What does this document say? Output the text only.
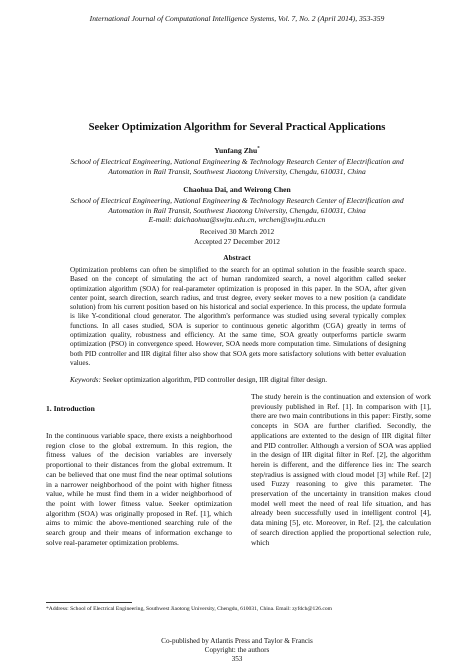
International Journal of Computational Intelligence Systems, Vol. 7, No. 2 (April 2014), 353-359
Seeker Optimization Algorithm for Several Practical Applications
Yunfang Zhu*
School of Electrical Engineering, National Engineering & Technology Research Center of Electrification and
Automation in Rail Transit, Southwest Jiaotong University, Chengdu, 610031, China
Chaohua Dai, and Weirong Chen
School of Electrical Engineering, National Engineering & Technology Research Center of Electrification and
Automation in Rail Transit, Southwest Jiaotong University, Chengdu, 610031, China
E-mail: daichaohua@swjtu.edu.cn, wrchen@swjtu.edu.cn
Received 30 March 2012
Accepted 27 December 2012
Abstract
Optimization problems can often be simplified to the search for an optimal solution in the feasible search space. Based on the concept of simulating the act of human randomized search, a novel algorithm called seeker optimization algorithm (SOA) for real-parameter optimization is proposed in this paper. In the SOA, after given center point, search direction, search radius, and trust degree, every seeker moves to a new position (a candidate solution) from his current position based on his historical and social experience. In this process, the update formula is like Y-conditional cloud generator. The algorithm's performance was studied using several typically complex functions. In all cases studied, SOA is superior to continuous genetic algorithm (CGA) greatly in terms of optimization quality, robustness and efficiency. At the same time, SOA greatly outperforms particle swarm optimization (PSO) in convergence speed. However, SOA needs more computation time. Simulations of designing both PID controller and IIR digital filter also show that SOA gets more satisfactory solutions with better evaluation values.
Keywords: Seeker optimization algorithm, PID controller design, IIR digital filter design.
1. Introduction
In the continuous variable space, there exists a neighborhood region close to the global extremum. In this region, the fitness values of the decision variables are inversely proportional to their distances from the global extremum. It can be believed that one must find the near optimal solutions in a narrower neighborhood of the point with higher fitness value, while he must find them in a wider neighborhood of the point with lower fitness value. Seeker optimization algorithm (SOA) was originally proposed in Ref. [1], which aims to mimic the above-mentioned searching rule of the search group and their means of information exchange to solve real-parameter optimization problems.
The study herein is the continuation and extension of work previously published in Ref. [1]. In comparison with [1], there are two main contributions in this paper: Firstly, some concepts in SOA are further clarified. Secondly, the applications are extented to the design of IIR digital filter and PID controller. Although a version of SOA was applied in the design of IIR digital filter in Ref. [2], the algorithm herein is different, and the difference lies in: The search step/radius is assigned with cloud model [3] while Ref. [2] used Fuzzy reasoning to give this parameter. The preservation of the uncertainty in transition makes cloud model well meet the need of real life situation, and has already been successfully used in intelligent control [4], data mining [5], etc. Moreover, in Ref. [2], the calculation of search direction applied the proportional selection rule, which
*Address: School of Electrical Engineering, Southwest Jiaotong University, Chengdu, 610031, China. Email: zyfdch@126.com
Co-published by Atlantis Press and Taylor & Francis
Copyright: the authors
353
